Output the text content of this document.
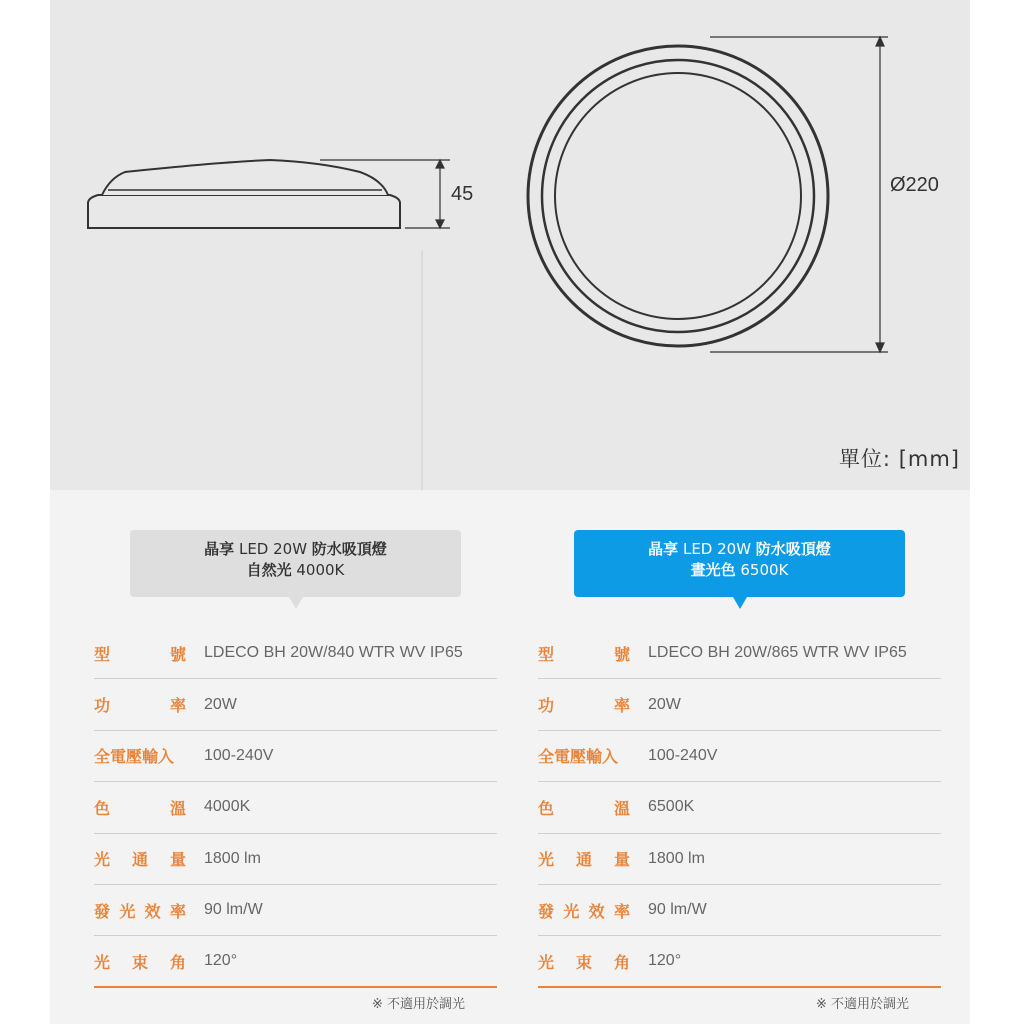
45	Ø220
單位: [mm]
晶享 LED 20W 防水吸頂燈
自然光 4000K
晶享 LED 20W 防水吸頂燈
晝光色 6500K
型	號 LDECO BH 20W/840 WTR WV IP65
功	率 20W
全電壓輸入 100-240V
色	溫 4000K
光 通 量 1800 lm
發 光 效 率 90 lm/W
光 束 角 120°
型	號 LDECO BH 20W/865 WTR WV IP65
功	率 20W
全電壓輸入 100-240V
色	溫 6500K
光 通 量 1800 lm
發 光 效 率 90 lm/W
光 束 角 120°
※ 不適用於調光	※ 不適用於調光
